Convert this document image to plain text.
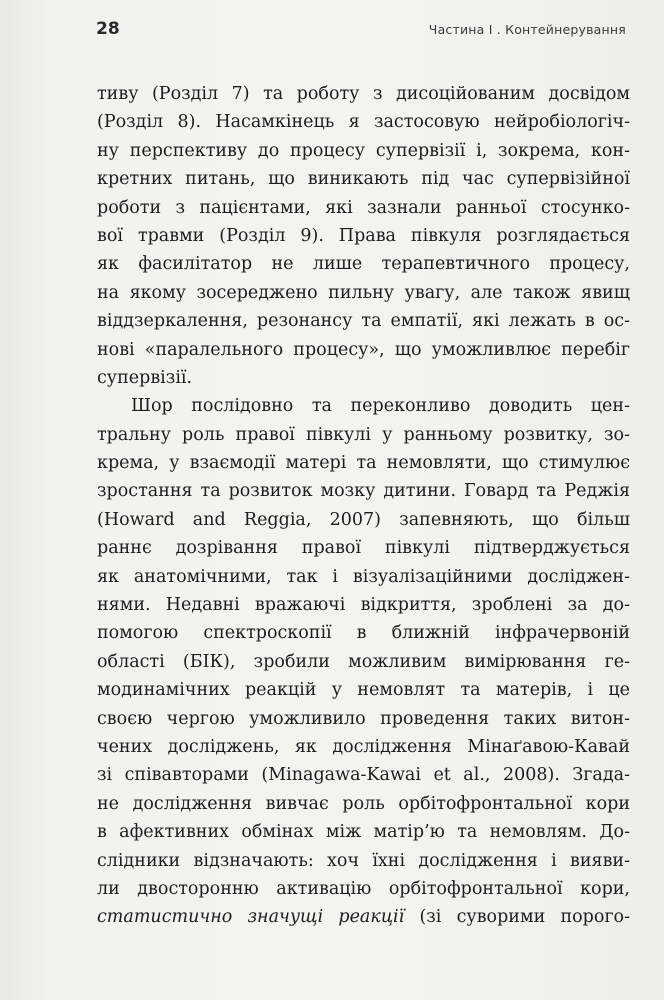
28	Частина І . Контейнерування
тиву (Розділ 7) та роботу з дисоційованим досвідом
(Розділ 8). Насамкінець я застосовую нейробіологіч-
ну перспективу до процесу супервізії і, зокрема, кон-
кретних питань, що виникають під час супервізійної
роботи з пацієнтами, які зазнали ранньої стосунко-
вої травми (Розділ 9). Права півкуля розглядається
як фасилітатор не лише терапевтичного процесу,
на якому зосереджено пильну увагу, але також явищ
віддзеркалення, резонансу та емпатії, які лежать в ос-
нові «паралельного процесу», що уможливлює перебіг
супервізії.
Шор послідовно та переконливо доводить цен-
тральну роль правої півкулі у ранньому розвитку, зо-
крема, у взаємодії матері та немовляти, що стимулює
зростання та розвиток мозку дитини. Говард та Реджія
(Howard and Reggia, 2007) запевняють, що більш
раннє дозрівання правої півкулі підтверджується
як анатомічними, так і візуалізаційними досліджен-
нями. Недавні вражаючі відкриття, зроблені за до-
помогою спектроскопії в ближній інфрачервоній
області (БІК), зробили можливим вимірювання ге-
модинамічних реакцій у немовлят та матерів, і це
своєю чергою уможливило проведення таких витон-
чених досліджень, як дослідження Мінаґавою-Кавай
зі співавторами (Minagawa-Kawai et al., 2008). Згада-
не дослідження вивчає роль орбітофронтальної кори
в афективних обмінах між матір’ю та немовлям. До-
слідники відзначають: хоч їхні дослідження і вияви-
ли двосторонню активацію орбітофронтальної кори,
статистично значущі реакції (зі суворими порого-
